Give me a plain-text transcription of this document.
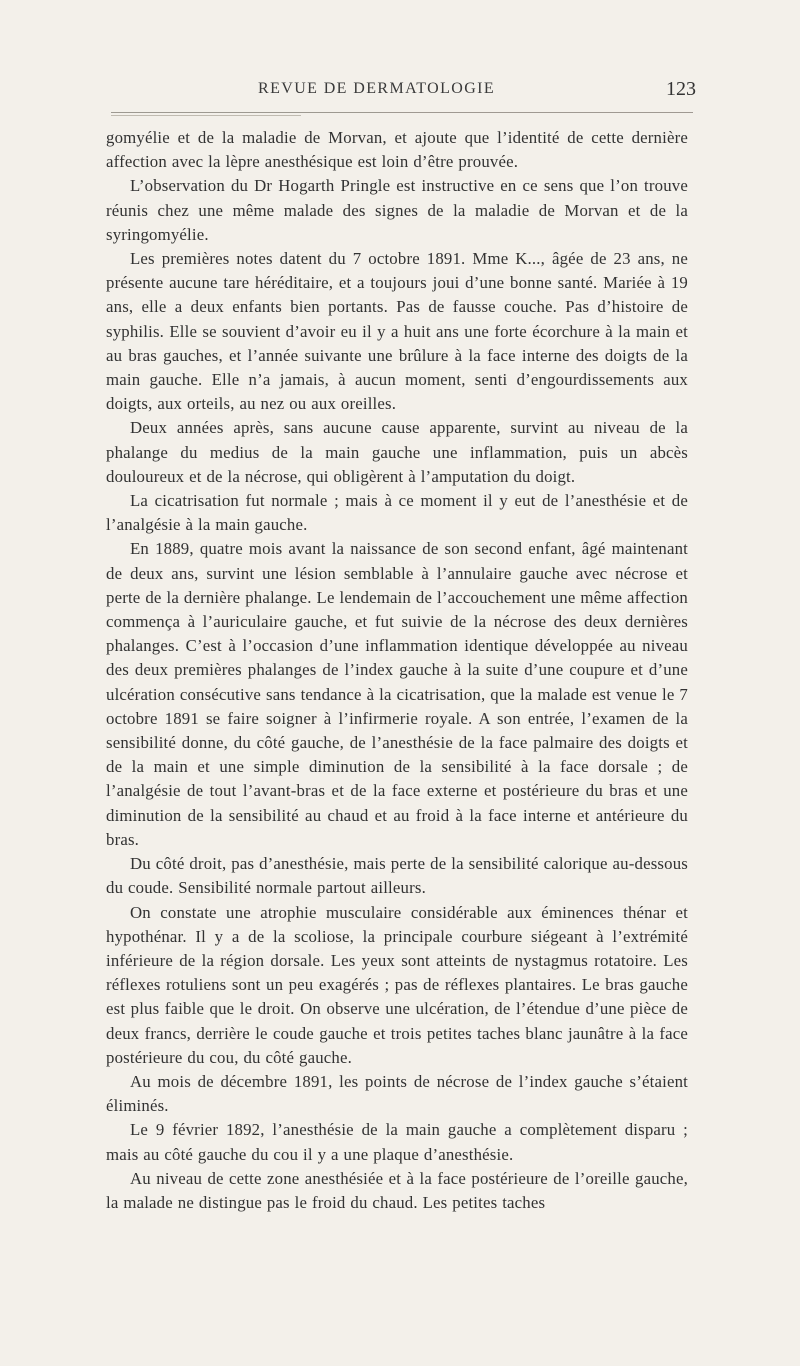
REVUE DE DERMATOLOGIE	123

gomyélie et de la maladie de Morvan, et ajoute que l’identité de cette dernière affection avec la lèpre anesthésique est loin d’être prouvée.

L’observation du Dr Hogarth Pringle est instructive en ce sens que l’on trouve réunis chez une même malade des signes de la maladie de Morvan et de la syringomyélie.

Les premières notes datent du 7 octobre 1891. Mme K..., âgée de 23 ans, ne présente aucune tare héréditaire, et a toujours joui d’une bonne santé. Mariée à 19 ans, elle a deux enfants bien portants. Pas de fausse couche. Pas d’histoire de syphilis. Elle se souvient d’avoir eu il y a huit ans une forte écorchure à la main et au bras gauches, et l’année suivante une brûlure à la face interne des doigts de la main gauche. Elle n’a jamais, à aucun moment, senti d’engourdissements aux doigts, aux orteils, au nez ou aux oreilles.

Deux années après, sans aucune cause apparente, survint au niveau de la phalange du medius de la main gauche une inflammation, puis un abcès douloureux et de la nécrose, qui obligèrent à l’amputation du doigt.

La cicatrisation fut normale ; mais à ce moment il y eut de l’anesthésie et de l’analgésie à la main gauche.

En 1889, quatre mois avant la naissance de son second enfant, âgé maintenant de deux ans, survint une lésion semblable à l’annulaire gauche avec nécrose et perte de la dernière phalange. Le lendemain de l’accouchement une même affection commença à l’auriculaire gauche, et fut suivie de la nécrose des deux dernières phalanges. C’est à l’occasion d’une inflammation identique développée au niveau des deux premières phalanges de l’index gauche à la suite d’une coupure et d’une ulcération consécutive sans tendance à la cicatrisation, que la malade est venue le 7 octobre 1891 se faire soigner à l’infirmerie royale. A son entrée, l’examen de la sensibilité donne, du côté gauche, de l’anesthésie de la face palmaire des doigts et de la main et une simple diminution de la sensibilité à la face dorsale ; de l’analgésie de tout l’avant-bras et de la face externe et postérieure du bras et une diminution de la sensibilité au chaud et au froid à la face interne et antérieure du bras.

Du côté droit, pas d’anesthésie, mais perte de la sensibilité calorique au-dessous du coude. Sensibilité normale partout ailleurs.

On constate une atrophie musculaire considérable aux éminences thénar et hypothénar. Il y a de la scoliose, la principale courbure siégeant à l’extrémité inférieure de la région dorsale. Les yeux sont atteints de nystagmus rotatoire. Les réflexes rotuliens sont un peu exagérés ; pas de réflexes plantaires. Le bras gauche est plus faible que le droit. On observe une ulcération, de l’étendue d’une pièce de deux francs, derrière le coude gauche et trois petites taches blanc jaunâtre à la face postérieure du cou, du côté gauche.

Au mois de décembre 1891, les points de nécrose de l’index gauche s’étaient éliminés.

Le 9 février 1892, l’anesthésie de la main gauche a complètement disparu ; mais au côté gauche du cou il y a une plaque d’anesthésie.

Au niveau de cette zone anesthésiée et à la face postérieure de l’oreille gauche, la malade ne distingue pas le froid du chaud. Les petites taches
